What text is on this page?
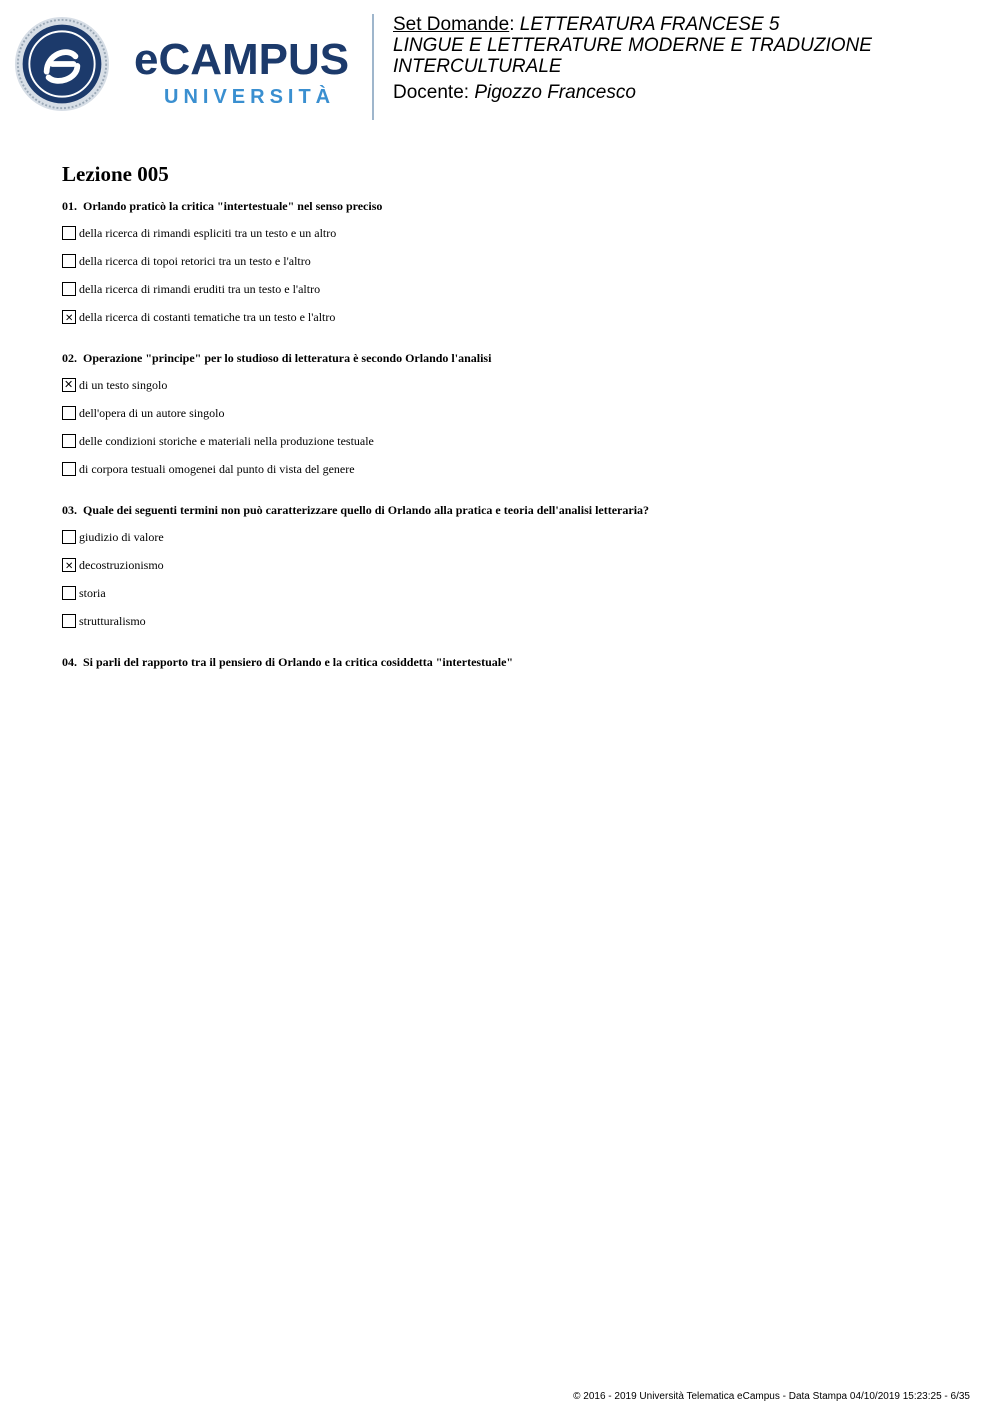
eCAMPUS
UNIVERSITÀ
Set Domande: LETTERATURA FRANCESE 5
LINGUE E LETTERATURE MODERNE E TRADUZIONE INTERCULTURALE
Docente: Pigozzo Francesco
Lezione 005
01. Orlando praticò la critica "intertestuale" nel senso preciso
della ricerca di rimandi espliciti tra un testo e un altro
della ricerca di topoi retorici tra un testo e l'altro
della ricerca di rimandi eruditi tra un testo e l'altro
✕
della ricerca di costanti tematiche tra un testo e l'altro
02. Operazione "principe" per lo studioso di letteratura è secondo Orlando l'analisi
✕
di un testo singolo
dell'opera di un autore singolo
delle condizioni storiche e materiali nella produzione testuale
di corpora testuali omogenei dal punto di vista del genere
03. Quale dei seguenti termini non può caratterizzare quello di Orlando alla pratica e teoria dell'analisi letteraria?
giudizio di valore
✕
decostruzionismo
storia
strutturalismo
04. Si parli del rapporto tra il pensiero di Orlando e la critica cosiddetta "intertestuale"
© 2016 - 2019 Università Telematica eCampus - Data Stampa 04/10/2019 15:23:25 - 6/35
